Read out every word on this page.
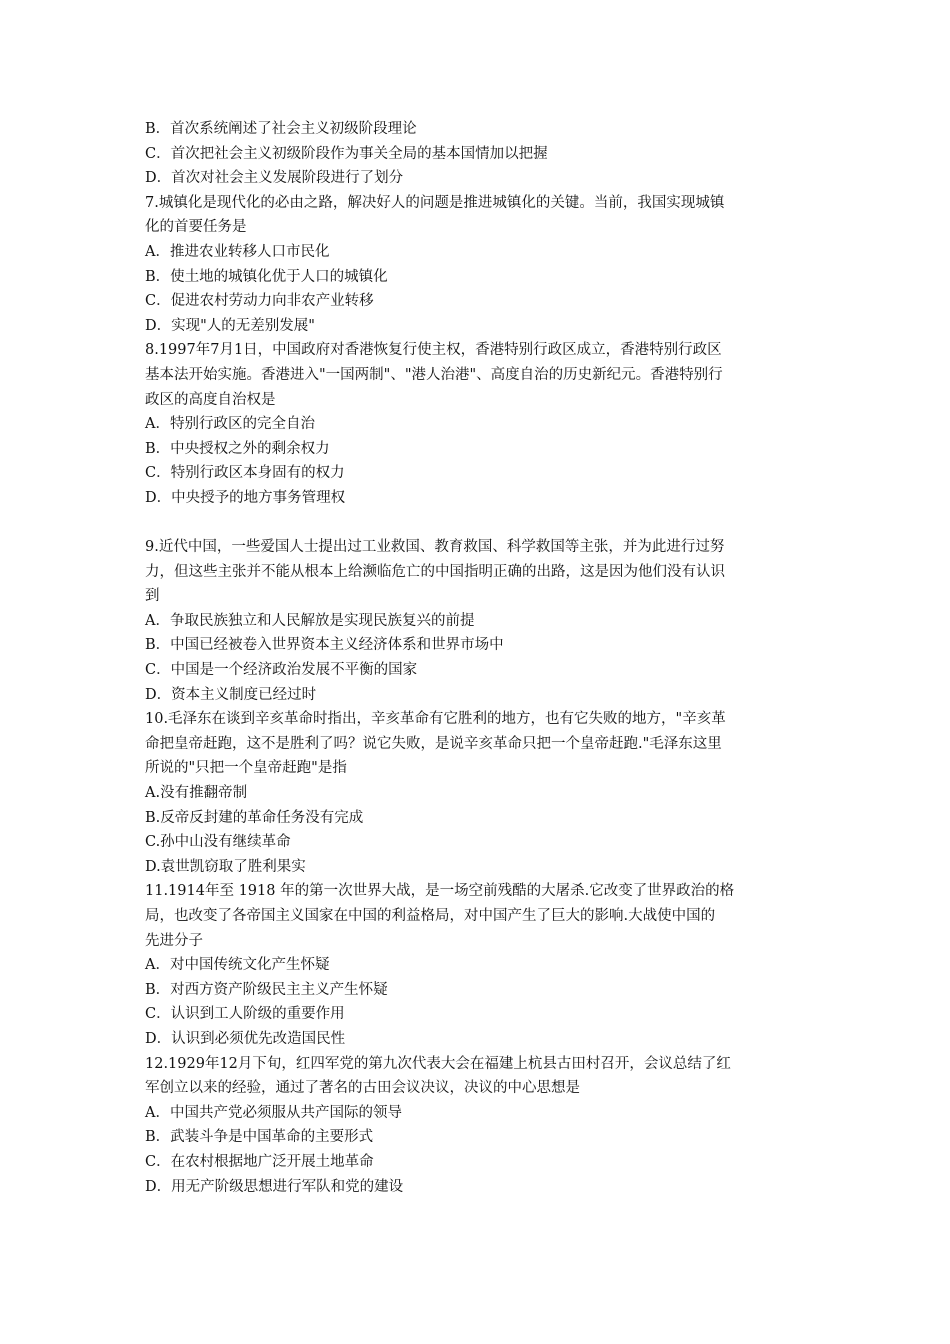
B．首次系统阐述了社会主义初级阶段理论
C．首次把社会主义初级阶段作为事关全局的基本国情加以把握
D．首次对社会主义发展阶段进行了划分
7.城镇化是现代化的必由之路，解决好人的问题是推进城镇化的关键。当前，我国实现城镇
化的首要任务是
A．推进农业转移人口市民化
B．使土地的城镇化优于人口的城镇化
C．促进农村劳动力向非农产业转移
D．实现"人的无差别发展"
8.1997年7月1日，中国政府对香港恢复行使主权，香港特别行政区成立，香港特别行政区
基本法开始实施。香港进入"一国两制"、"港人治港"、高度自治的历史新纪元。香港特别行
政区的高度自治权是
A．特别行政区的完全自治
B．中央授权之外的剩余权力
C．特别行政区本身固有的权力
D．中央授予的地方事务管理权
9.近代中国，一些爱国人士提出过工业救国、教育救国、科学救国等主张，并为此进行过努
力，但这些主张并不能从根本上给濒临危亡的中国指明正确的出路，这是因为他们没有认识
到
A．争取民族独立和人民解放是实现民族复兴的前提
B．中国已经被卷入世界资本主义经济体系和世界市场中
C．中国是一个经济政治发展不平衡的国家
D．资本主义制度已经过时
10.毛泽东在谈到辛亥革命时指出，辛亥革命有它胜利的地方，也有它失败的地方，"辛亥革
命把皇帝赶跑，这不是胜利了吗？说它失败，是说辛亥革命只把一个皇帝赶跑."毛泽东这里
所说的"只把一个皇帝赶跑"是指
A.没有推翻帝制
B.反帝反封建的革命任务没有完成
C.孙中山没有继续革命
D.袁世凯窃取了胜利果实
11.1914年至 1918 年的第一次世界大战，是一场空前残酷的大屠杀.它改变了世界政治的格
局，也改变了各帝国主义国家在中国的利益格局，对中国产生了巨大的影响.大战使中国的
先进分子
A．对中国传统文化产生怀疑
B．对西方资产阶级民主主义产生怀疑
C．认识到工人阶级的重要作用
D．认识到必须优先改造国民性
12.1929年12月下旬，红四军党的第九次代表大会在福建上杭县古田村召开，会议总结了红
军创立以来的经验，通过了著名的古田会议决议，决议的中心思想是
A．中国共产党必须服从共产国际的领导
B．武装斗争是中国革命的主要形式
C．在农村根据地广泛开展土地革命
D．用无产阶级思想进行军队和党的建设
